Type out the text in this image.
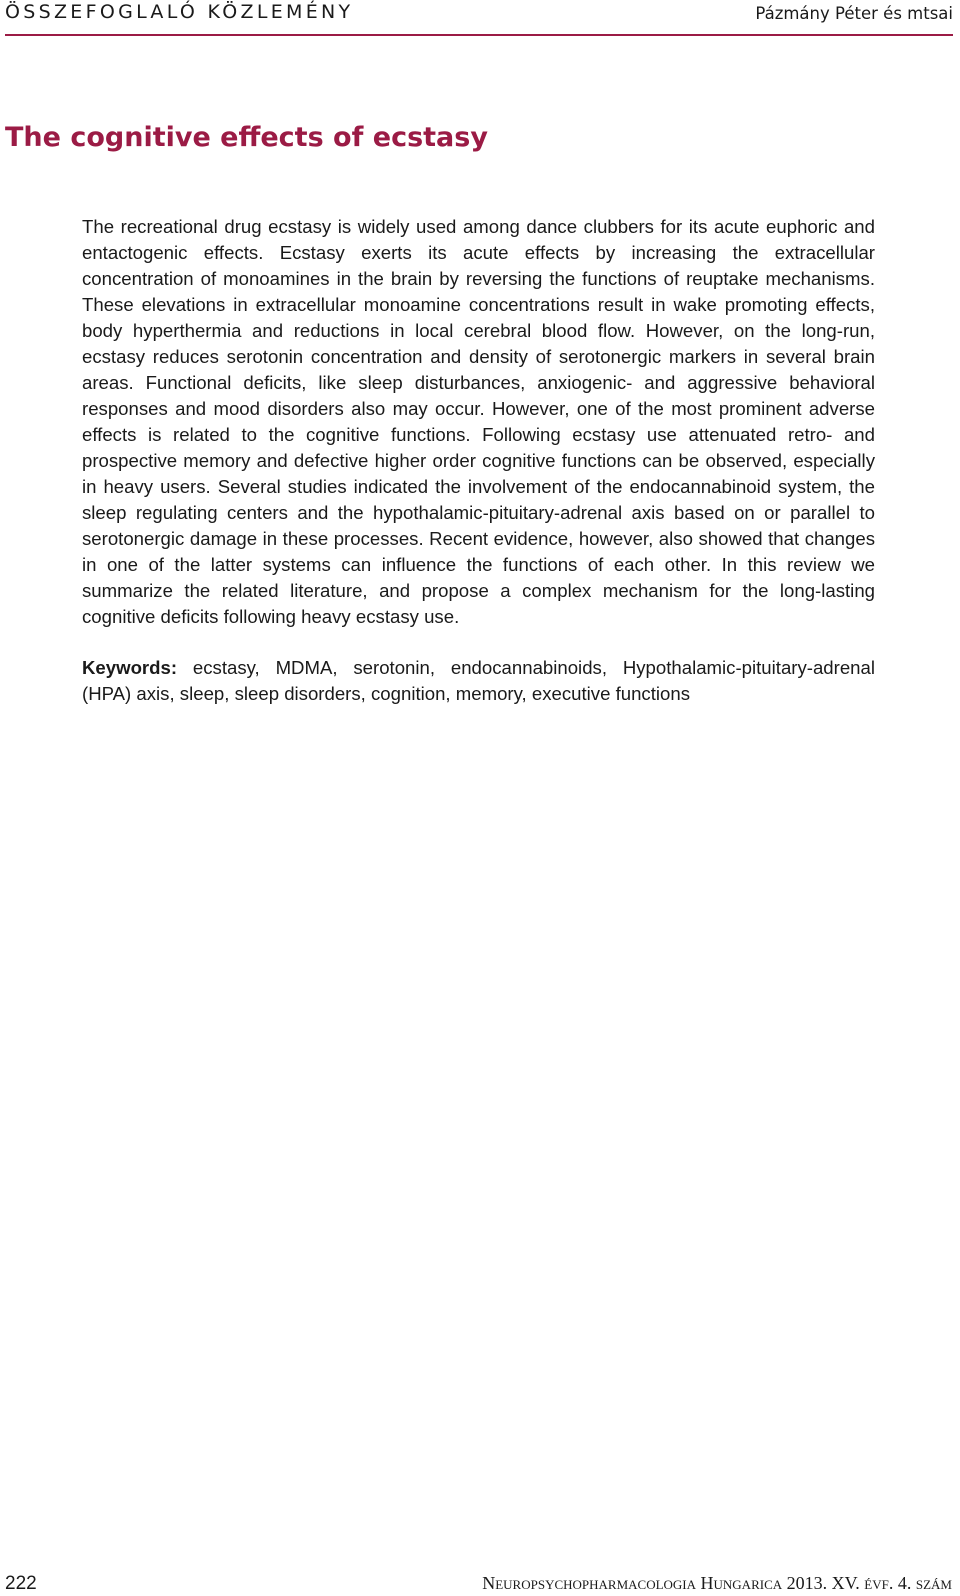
ÖSSZEFOGLALÓ KÖZLEMÉNY	Pázmány Péter és mtsai
The cognitive effects of ecstasy

The recreational drug ecstasy is widely used among dance clubbers for its acute euphoric and entactogenic effects. Ecstasy exerts its acute effects by increasing the extracellular concentration of monoamines in the brain by reversing the functions of reuptake mechanisms. These elevations in extracellular monoamine concentrations result in wake promoting effects, body hyperthermia and reductions in local cerebral blood flow. However, on the long-run, ecstasy reduces serotonin concentration and density of serotonergic markers in several brain areas. Functional deficits, like sleep disturbances, anxiogenic- and aggressive behavioral responses and mood disorders also may occur. However, one of the most prominent adverse effects is related to the cognitive functions. Following ecstasy use attenuated retro- and prospective memory and defective higher order cognitive functions can be observed, especially in heavy users. Several studies indicated the involvement of the endocannabinoid system, the sleep regulating centers and the hypothalamic-pituitary-adrenal axis based on or parallel to serotonergic damage in these processes. Recent evidence, however, also showed that changes in one of the latter systems can influence the functions of each other. In this review we summarize the related literature, and propose a complex mechanism for the long-lasting cognitive deficits following heavy ecstasy use.

Keywords: ecstasy, MDMA, serotonin, endocannabinoids, Hypothalamic-pituitary-adrenal (HPA) axis, sleep, sleep disorders, cognition, memory, executive functions

222	Neuropsychopharmacologia Hungarica 2013. XV. évf. 4. szám
